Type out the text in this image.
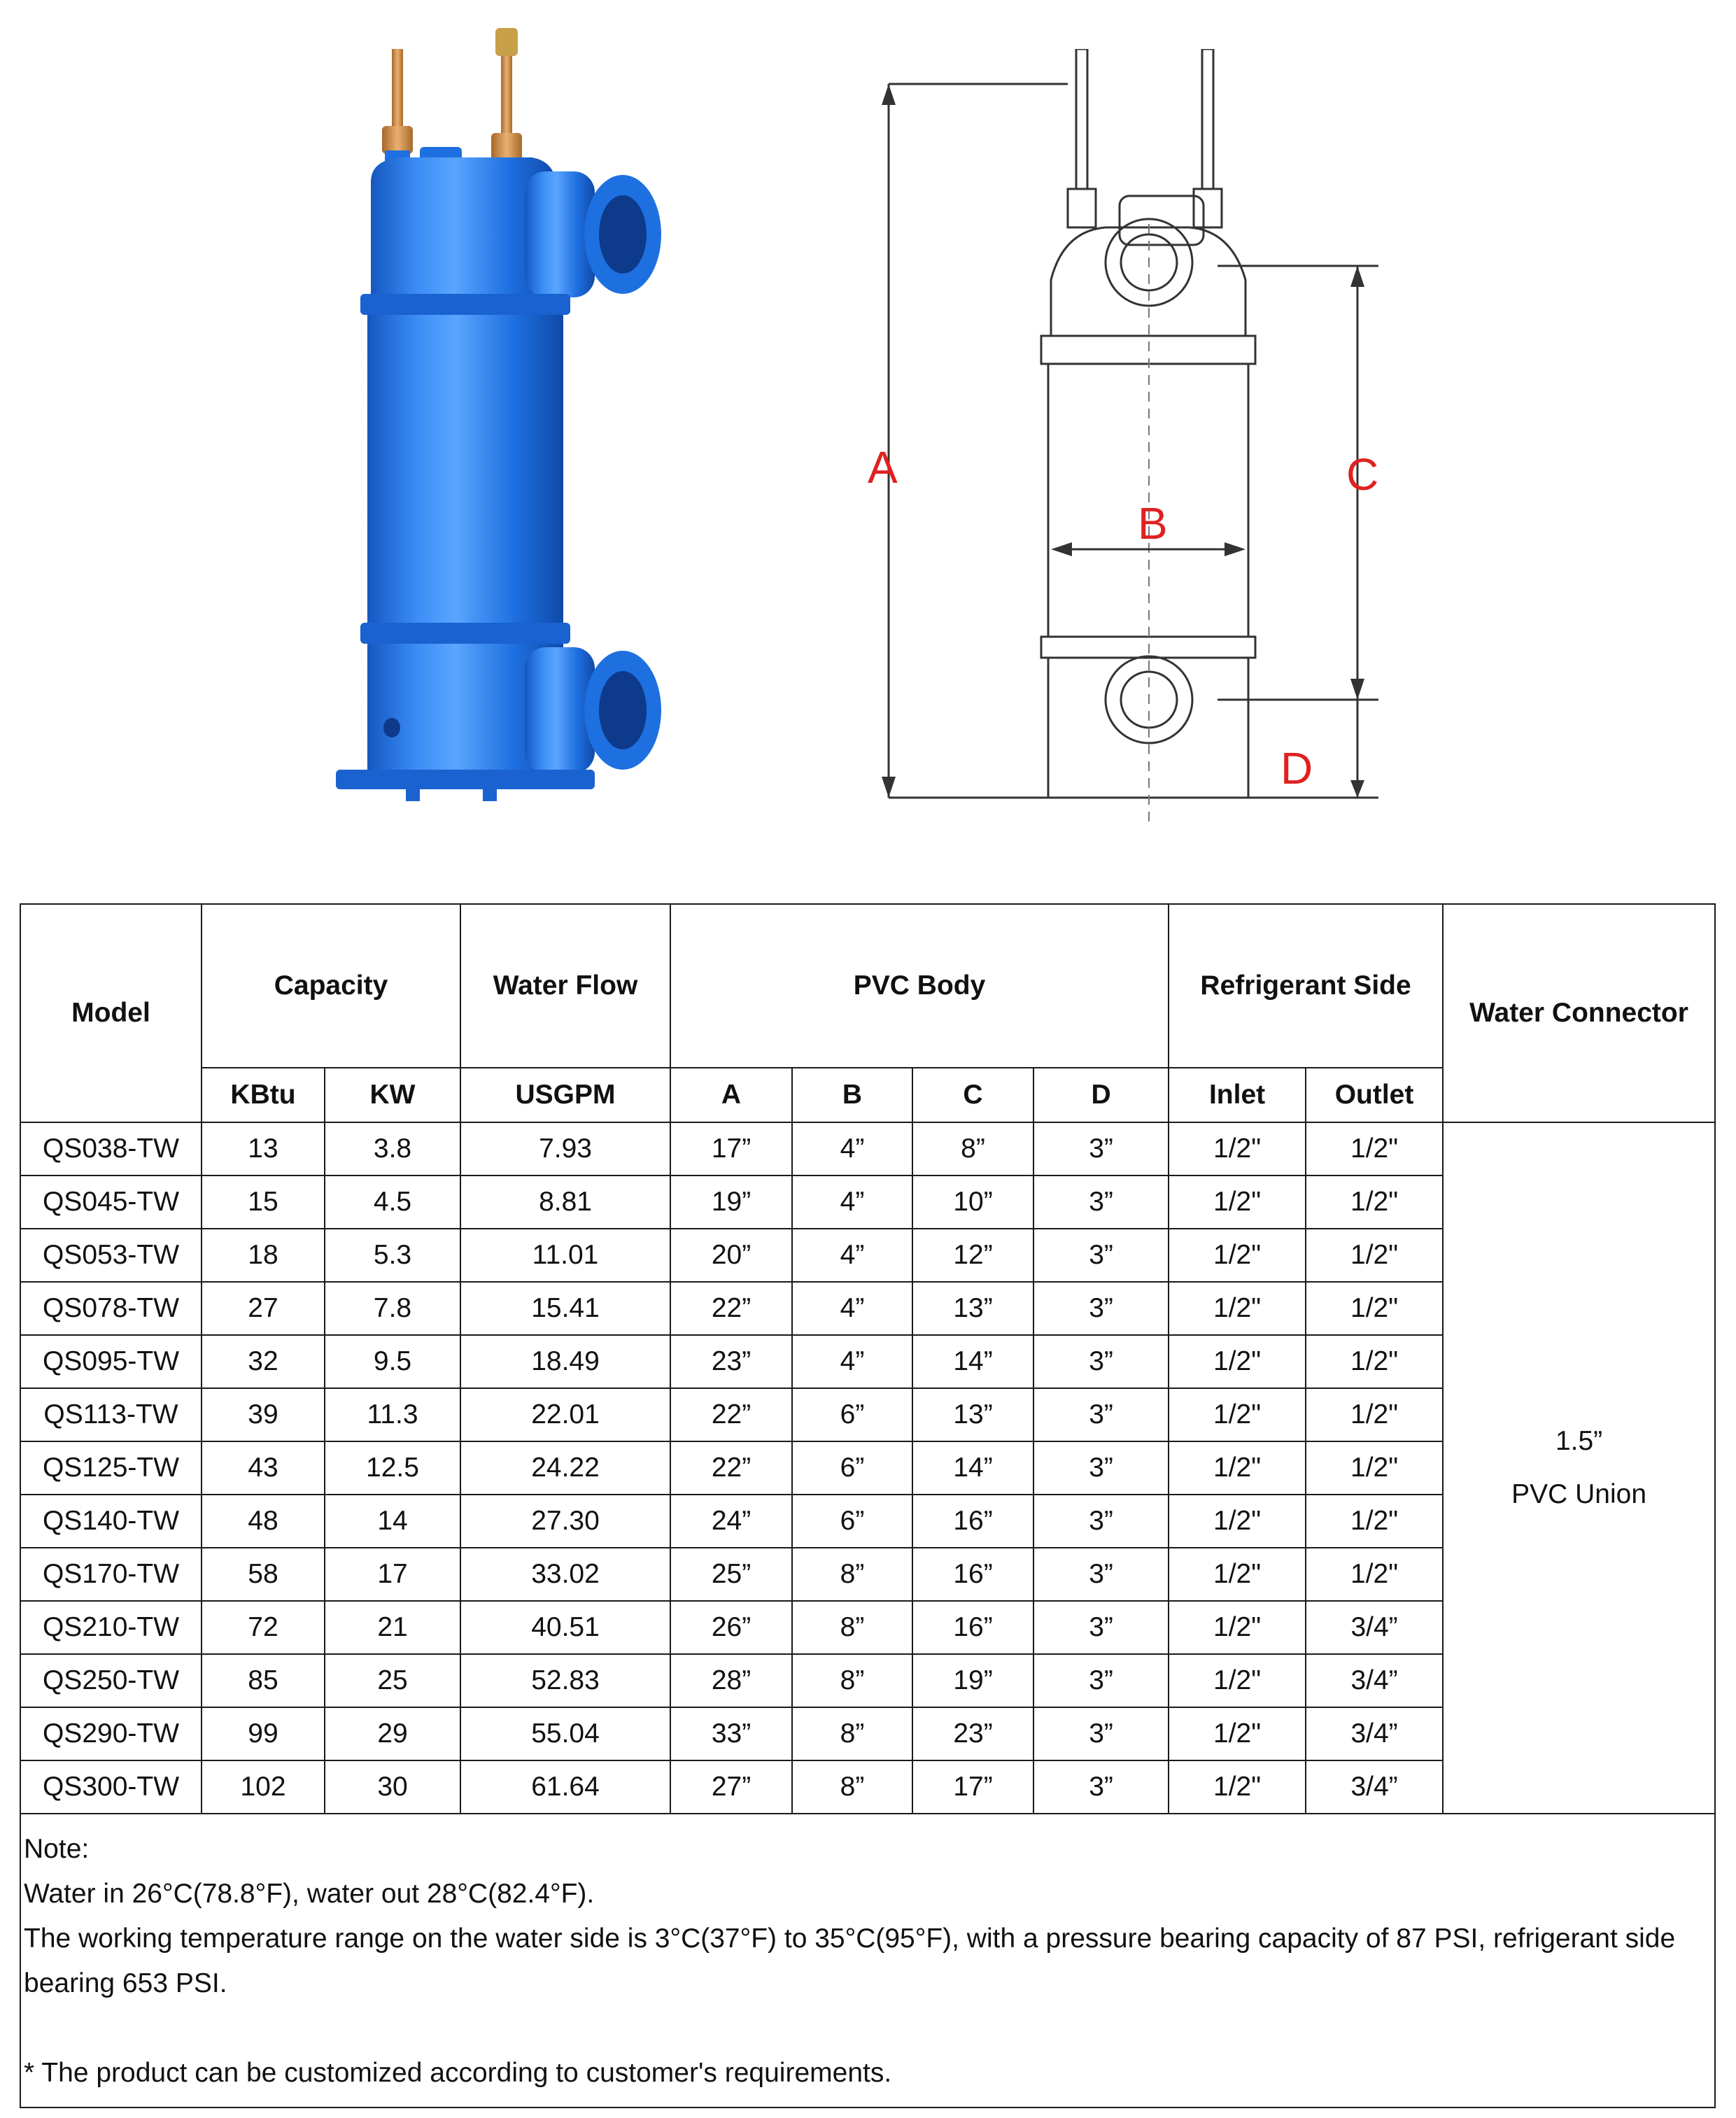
A
B
C
D
Model	Capacity		Water Flow	PVC Body				Refrigerant Side		Water Connector
	KBtu	KW	USGPM	A	B	C	D	Inlet	Outlet	
QS038-TW	13	3.8	7.93	17”	4”	8”	3”	1/2"	1/2"	1.5”
PVC Union

QS045-TW	15	4.5	8.81	19”	4”	10”	3”	1/2"	1/2"	
QS053-TW	18	5.3	11.01	20”	4”	12”	3”	1/2"	1/2"	
QS078-TW	27	7.8	15.41	22”	4”	13”	3”	1/2"	1/2"	
QS095-TW	32	9.5	18.49	23”	4”	14”	3”	1/2"	1/2"	
QS113-TW	39	11.3	22.01	22”	6”	13”	3”	1/2"	1/2"	
QS125-TW	43	12.5	24.22	22”	6”	14”	3”	1/2"	1/2"	
QS140-TW	48	14	27.30	24”	6”	16”	3”	1/2"	1/2"	
QS170-TW	58	17	33.02	25”	8”	16”	3”	1/2"	1/2"	
QS210-TW	72	21	40.51	26”	8”	16”	3”	1/2"	3/4”	
QS250-TW	85	25	52.83	28”	8”	19”	3”	1/2"	3/4”	
QS290-TW	99	29	55.04	33”	8”	23”	3”	1/2"	3/4”	
QS300-TW	102	30	61.64	27”	8”	17”	3”	1/2"	3/4”	

Note:
Water in 26°C(78.8°F), water out 28°C(82.4°F).
The working temperature range on the water side is 3°C(37°F) to 35°C(95°F), with a pressure bearing capacity of 87 PSI, refrigerant side bearing 653 PSI.
* The product can be customized according to customer's requirements.										
